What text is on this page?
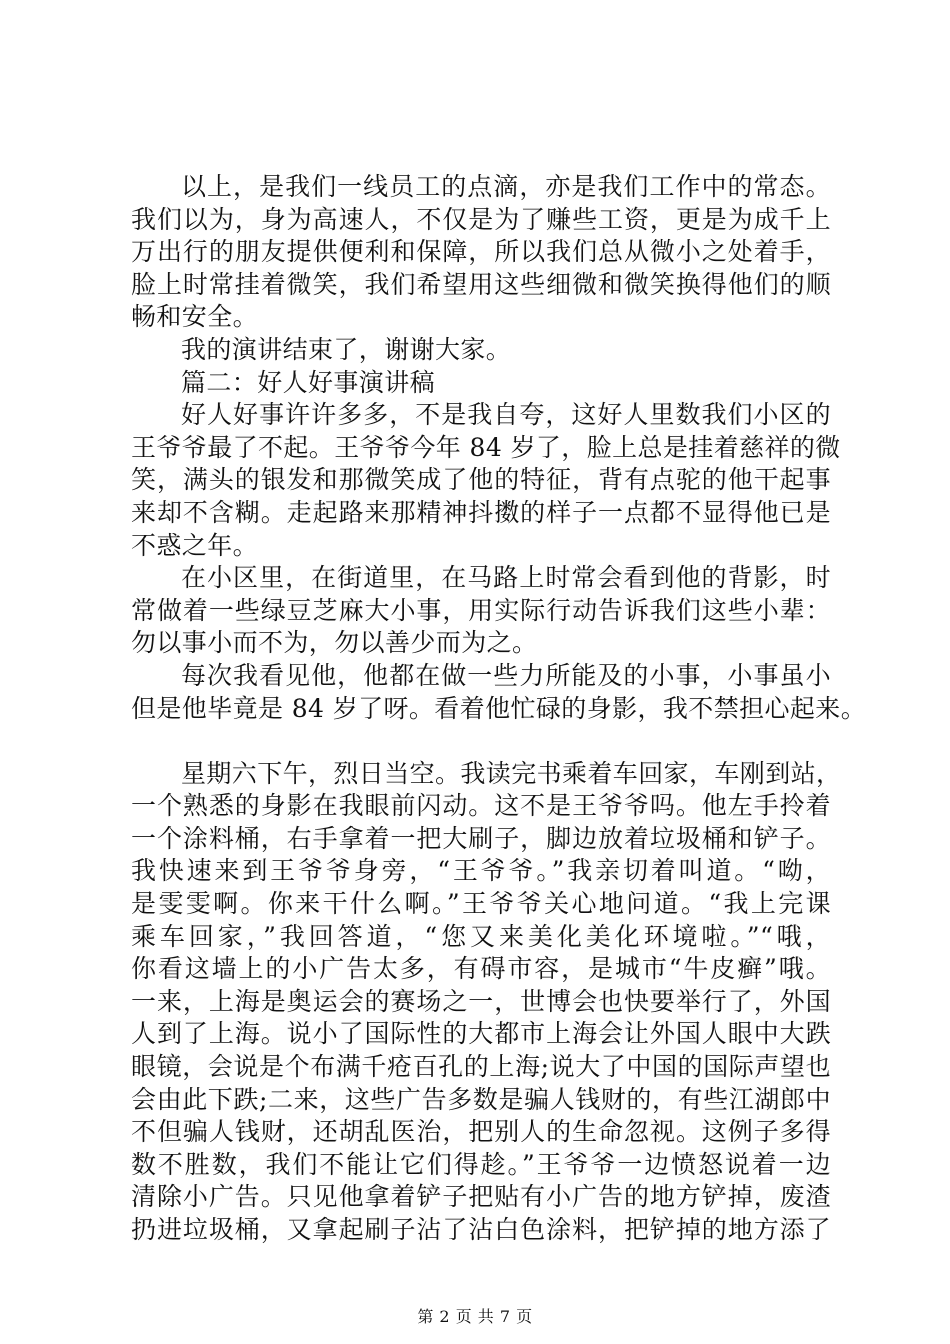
以上，是我们一线员工的点滴，亦是我们工作中的常态。
我们以为，身为高速人，不仅是为了赚些工资，更是为成千上
万出行的朋友提供便利和保障，所以我们总从微小之处着手，
脸上时常挂着微笑，我们希望用这些细微和微笑换得他们的顺
畅和安全。
我的演讲结束了，谢谢大家。
篇二：好人好事演讲稿
好人好事许许多多，不是我自夸，这好人里数我们小区的
王爷爷最了不起。王爷爷今年 84 岁了，脸上总是挂着慈祥的微
笑，满头的银发和那微笑成了他的特征，背有点驼的他干起事
来却不含糊。走起路来那精神抖擞的样子一点都不显得他已是
不惑之年。
在小区里，在街道里，在马路上时常会看到他的背影，时
常做着一些绿豆芝麻大小事，用实际行动告诉我们这些小辈：
勿以事小而不为，勿以善少而为之。
每次我看见他，他都在做一些力所能及的小事，小事虽小
但是他毕竟是 84 岁了呀。看着他忙碌的身影，我不禁担心起来。
星期六下午，烈日当空。我读完书乘着车回家，车刚到站，
一个熟悉的身影在我眼前闪动。这不是王爷爷吗。他左手拎着
一个涂料桶，右手拿着一把大刷子，脚边放着垃圾桶和铲子。
我快速来到王爷爷身旁，“王爷爷。”我亲切着叫道。“呦，
是雯雯啊。你来干什么啊。”王爷爷关心地问道。“我上完课
乘车回家，”我回答道，“您又来美化美化环境啦。”“哦，
你看这墙上的小广告太多，有碍市容，是城市“牛皮癣”哦。
一来，上海是奥运会的赛场之一，世博会也快要举行了，外国
人到了上海。说小了国际性的大都市上海会让外国人眼中大跌
眼镜，会说是个布满千疮百孔的上海;说大了中国的国际声望也
会由此下跌;二来，这些广告多数是骗人钱财的，有些江湖郎中
不但骗人钱财，还胡乱医治，把别人的生命忽视。这例子多得
数不胜数，我们不能让它们得趁。”王爷爷一边愤怒说着一边
清除小广告。只见他拿着铲子把贴有小广告的地方铲掉，废渣
扔进垃圾桶，又拿起刷子沾了沾白色涂料，把铲掉的地方添了
第 2 页 共 7 页
